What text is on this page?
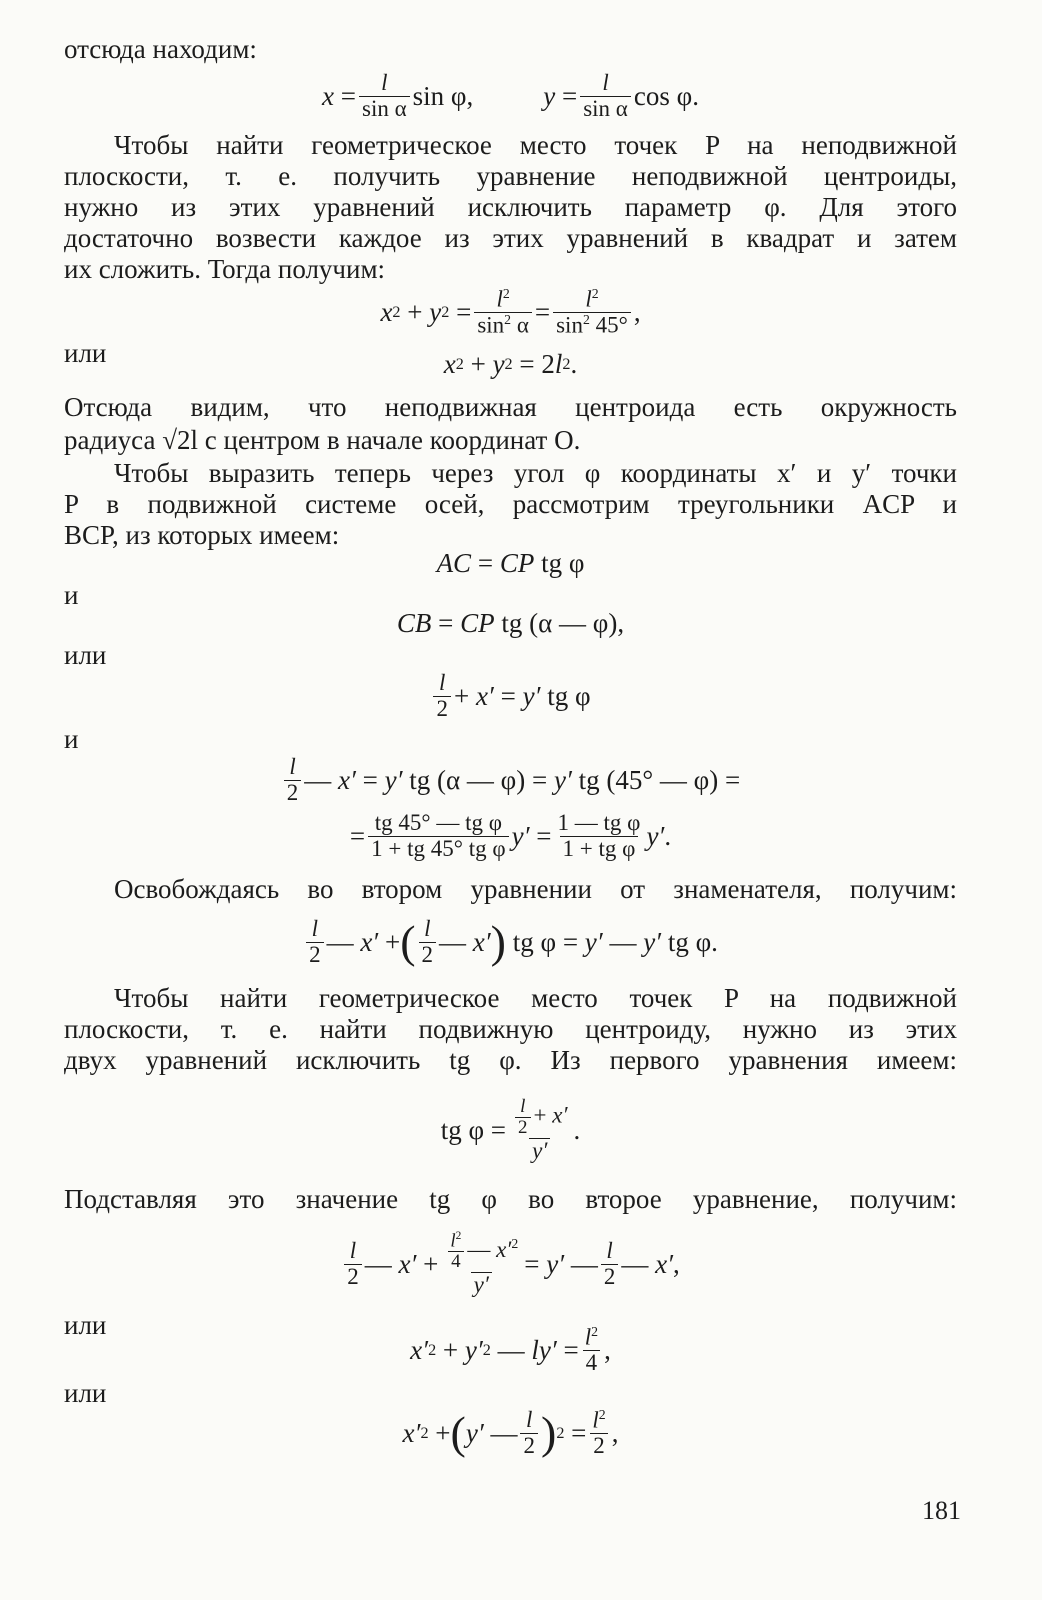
отсюда находим:
x = l
sin α sin φ,	y = l
sin α cos φ.
Чтобы найти геометрическое место точек P на неподвижной
плоскости, т. е. получить уравнение неподвижной центроиды,
нужно из этих уравнений исключить параметр φ. Для этого
достаточно возвести каждое из этих уравнений в квадрат и затем
их сложить. Тогда получим:
x 2 + y $2 = l^2$
$\sin^2 \alpha = l^2$
$\sin^2 45^\circ$ ,
или	x 2 + y 2 = 2 l 2 .
Отсюда видим, что неподвижная центроида есть окружность
радиуса √2l с центром в начале координат O.
Чтобы выразить теперь через угол φ координаты x′ и y′ точки
P в подвижной системе осей, рассмотрим треугольники ACP и
BCP, из которых имеем:
AC = CP tg φ
и
CB = CP tg (α — φ),
или
l
2 + x′ = y′ tg φ
и
l
2 — x′ = y′ tg (α — φ) = y′ tg (45° — φ) =
= tg 45° — tg φ
1 + tg 45° tg φ y′ = 1 — tg φ
1 + tg φ y′ .
Освобождаясь во втором уравнении от знаменателя, получим:
l
2 — x′ + ( l
2 — x′ ) tg φ = y′ — y′ tg φ.
Чтобы найти геометрическое место точек P на подвижной
плоскости, т. е. найти подвижную центроиду, нужно из этих
двух уравнений исключить tg φ. Из первого уравнения имеем:
tg $\varphi = \frac{l}{2} + x'$
y′
.
Подставляя это значение tg φ во второе уравнение, получим:
l
2 — $x' + \frac{l^2}{4}$ — $x'^2$
y′
= y′ — l
2 — x′ ,
или
x′ 2 + y′ 2 — $ly' = l^2$
4 ,
или
x′ 2 + ( y′ — l
2 ) $2 = l^2$
2 ,
181
